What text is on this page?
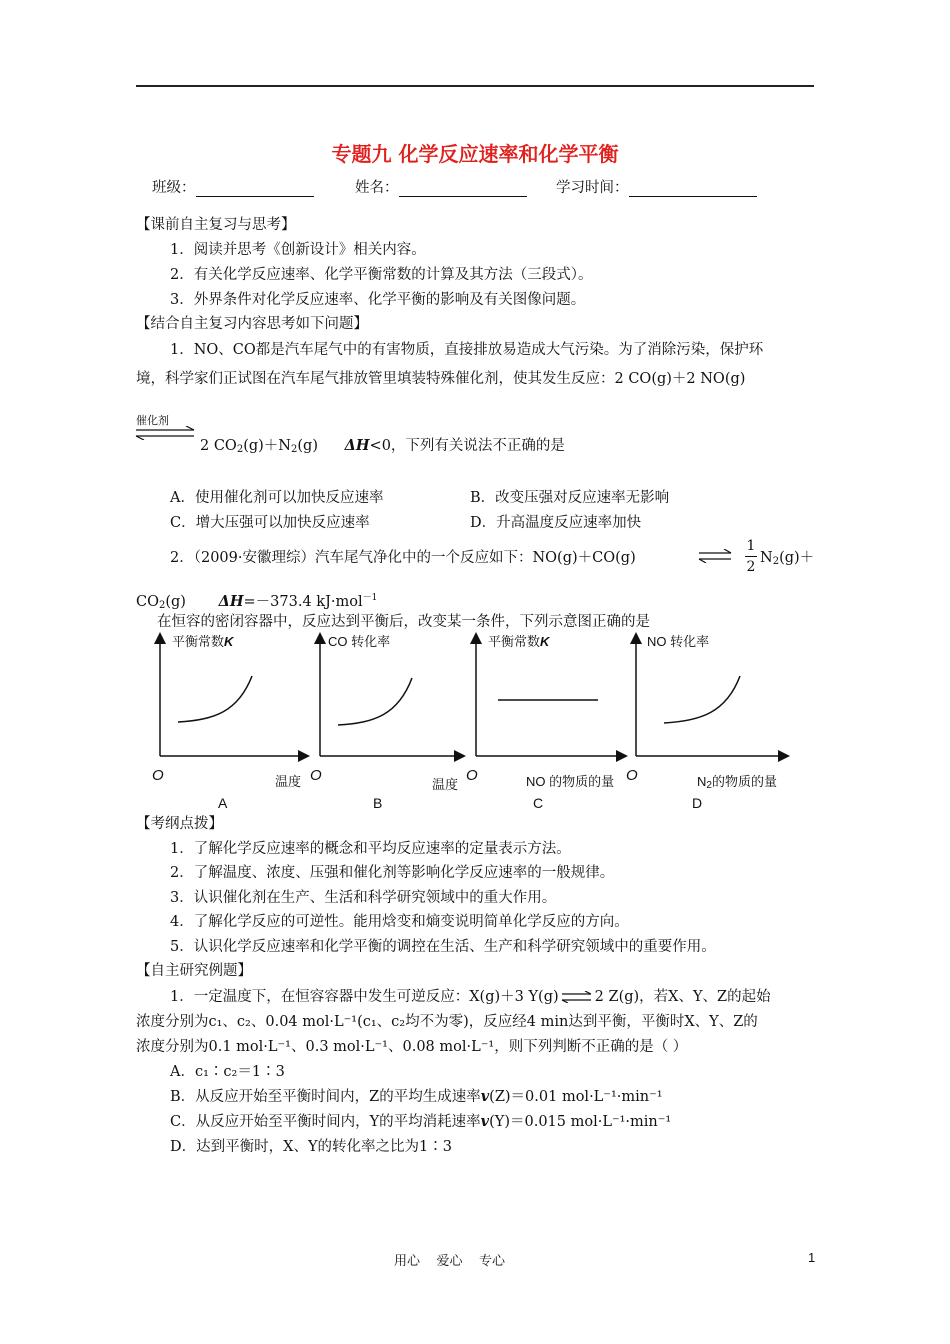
专题九 化学反应速率和化学平衡
班级：	姓名：	学习时间：
【课前自主复习与思考】
1．阅读并思考《创新设计》相关内容。
2．有关化学反应速率、化学平衡常数的计算及其方法（三段式）。
3．外界条件对化学反应速率、化学平衡的影响及有关图像问题。
【结合自主复习内容思考如下问题】
1．NO、CO都是汽车尾气中的有害物质，直接排放易造成大气污染。为了消除污染，保护环
境，科学家们正试图在汽车尾气排放管里填装特殊催化剂，使其发生反应：2 CO(g)＋2 NO(g)
催化剂
2 $CO_2(g)+N_2(g)$ ΔH<0，下列有关说法不正确的是
A．使用催化剂可以加快反应速率	B．改变压强对反应速率无影响
C．增大压强可以加快反应速率	D．升高温度反应速率加快
2．（2009·安徽理综）汽车尾气净化中的一个反应如下：NO(g)＋CO(g)
1
2
$N_2(g)+$
$CO_2(g)$ ΔH=－373.4 kJ·mol$^{-1}$
在恒容的密闭容器中，反应达到平衡后，改变某一条件，下列示意图正确的是
平衡常数K
O	温度
A
CO 转化率
O
温度
B
平衡常数K
O	NO 的物质的量
C
NO 转化率
O	$N_2$的物质的量
D
【考纲点拨】
1．了解化学反应速率的概念和平均反应速率的定量表示方法。
2．了解温度、浓度、压强和催化剂等影响化学反应速率的一般规律。
3．认识催化剂在生产、生活和科学研究领域中的重大作用。
4．了解化学反应的可逆性。能用焓变和熵变说明简单化学反应的方向。
5．认识化学反应速率和化学平衡的调控在生活、生产和科学研究领域中的重要作用。
【自主研究例题】
1．一定温度下，在恒容容器中发生可逆反应：X(g)＋3 Y(g) ⇌ 2 Z(g)，若X、Y、Z的起始
浓度分别为c₁、c₂、0.04 mol·L⁻¹(c₁、c₂均不为零)，反应经4 min达到平衡，平衡时X、Y、Z的
浓度分别为0.1 mol·L⁻¹、0.3 mol·L⁻¹、0.08 mol·L⁻¹，则下列判断不正确的是（ ）
A．c₁∶c₂＝1∶3
B．从反应开始至平衡时间内，Z的平均生成速率v(Z)＝0.01 mol·L⁻¹·min⁻¹
C．从反应开始至平衡时间内，Y的平均消耗速率v(Y)＝0.015 mol·L⁻¹·min⁻¹
D．达到平衡时，X、Y的转化率之比为1∶3
用心    爱心    专心	1
